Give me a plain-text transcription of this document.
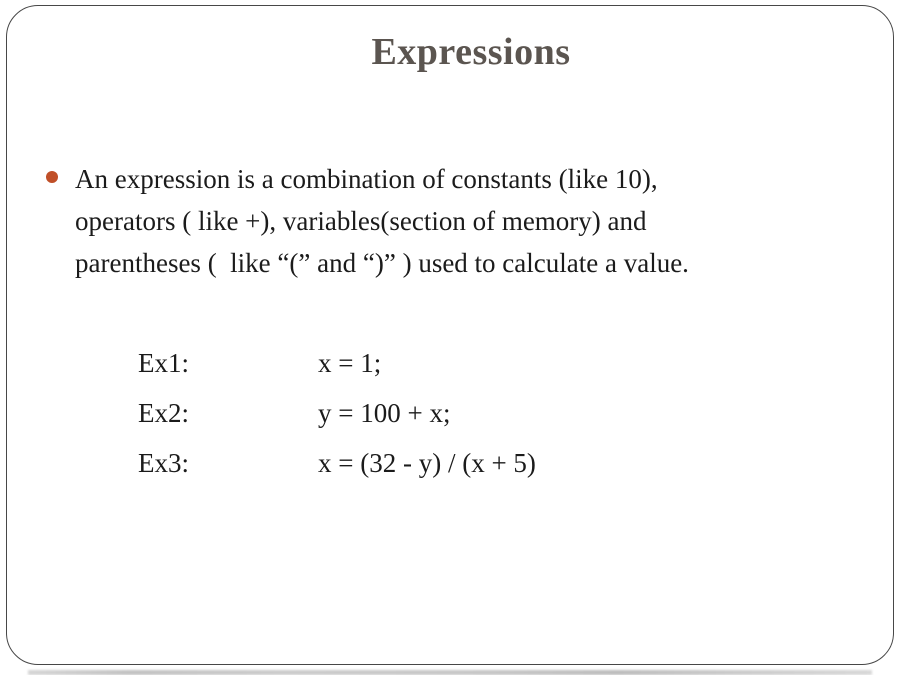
Expressions
An expression is a combination of constants (like 10),
operators ( like +), variables(section of memory) and
parentheses (  like “(” and “)” ) used to calculate a value.
Ex1:	x = 1;
Ex2:	y = 100 + x;
Ex3:	x = (32 - y) / (x + 5)
